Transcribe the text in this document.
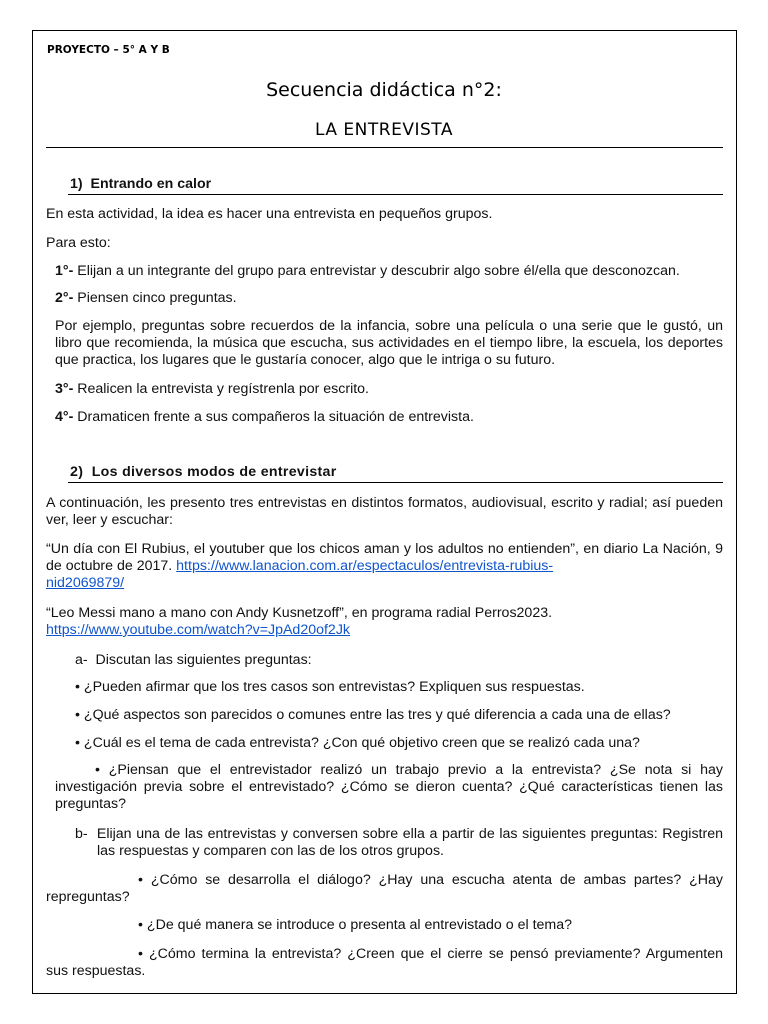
PROYECTO – 5° A Y B
Secuencia didáctica n°2:
LA ENTREVISTA
1) Entrando en calor
En esta actividad, la idea es hacer una entrevista en pequeños grupos.
Para esto:
1°- Elijan a un integrante del grupo para entrevistar y descubrir algo sobre él/ella que desconozcan.
2°- Piensen cinco preguntas.
Por ejemplo, preguntas sobre recuerdos de la infancia, sobre una película o una serie que le gustó, un libro que recomienda, la música que escucha, sus actividades en el tiempo libre, la escuela, los deportes que practica, los lugares que le gustaría conocer, algo que le intriga o su futuro.
3°- Realicen la entrevista y regístrenla por escrito.
4°- Dramaticen frente a sus compañeros la situación de entrevista.
2) Los diversos modos de entrevistar
A continuación, les presento tres entrevistas en distintos formatos, audiovisual, escrito y radial; así pueden ver, leer y escuchar:
“Un día con El Rubius, el youtuber que los chicos aman y los adultos no entienden”, en diario La Nación, 9 de octubre de 2017. https://www.lanacion.com.ar/espectaculos/entrevista-rubius-
nid2069879/
“Leo Messi mano a mano con Andy Kusnetzoff”, en programa radial Perros2023.
https://www.youtube.com/watch?v=JpAd20of2Jk
a- Discutan las siguientes preguntas:
• ¿Pueden afirmar que los tres casos son entrevistas? Expliquen sus respuestas.
• ¿Qué aspectos son parecidos o comunes entre las tres y qué diferencia a cada una de ellas?
• ¿Cuál es el tema de cada entrevista? ¿Con qué objetivo creen que se realizó cada una?
• ¿Piensan que el entrevistador realizó un trabajo previo a la entrevista? ¿Se nota si hay investigación previa sobre el entrevistado? ¿Cómo se dieron cuenta? ¿Qué características tienen las preguntas?
b- Elijan una de las entrevistas y conversen sobre ella a partir de las siguientes preguntas: Registren las respuestas y comparen con las de los otros grupos.
• ¿Cómo se desarrolla el diálogo? ¿Hay una escucha atenta de ambas partes? ¿Hay repreguntas?
• ¿De qué manera se introduce o presenta al entrevistado o el tema?
• ¿Cómo termina la entrevista? ¿Creen que el cierre se pensó previamente? Argumenten sus respuestas.
